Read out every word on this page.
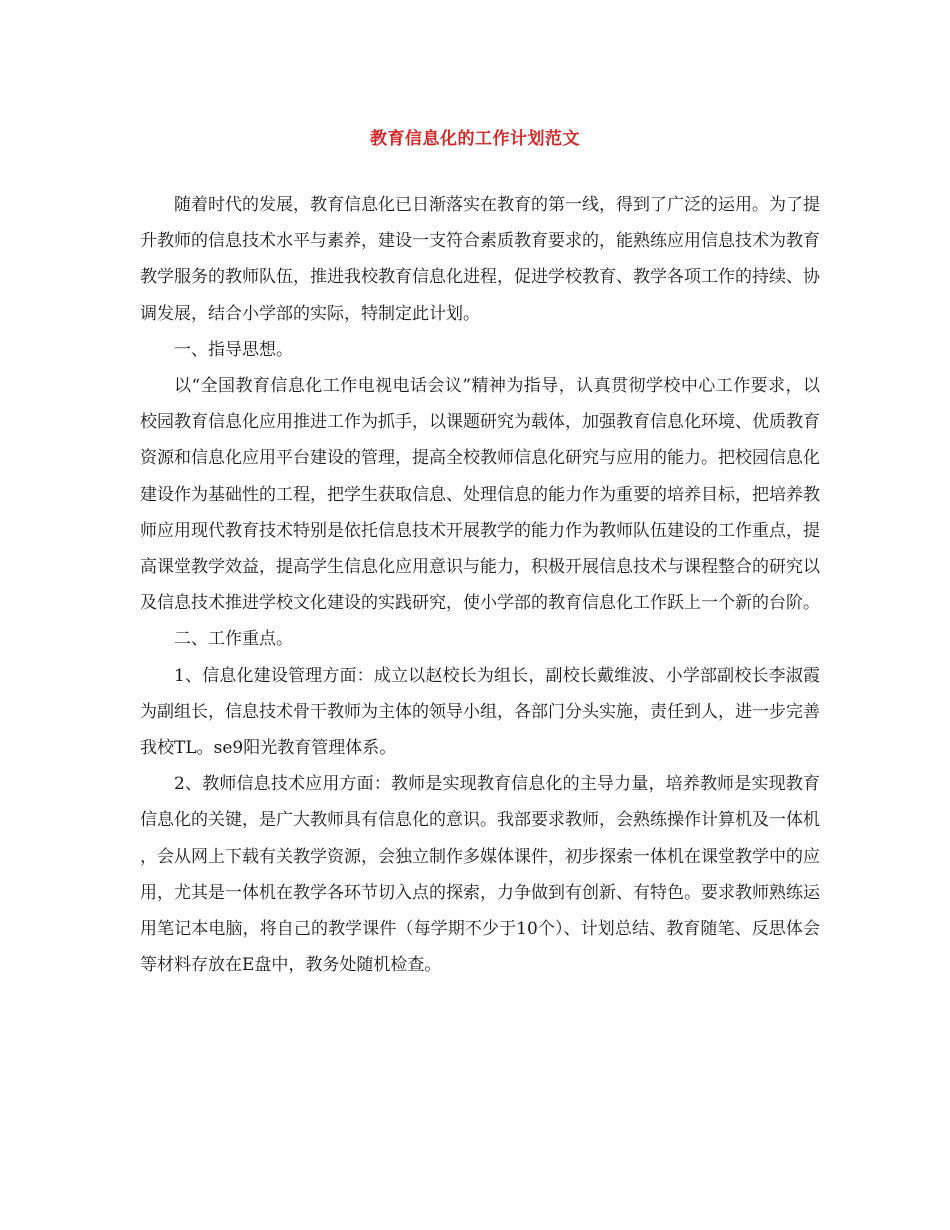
教育信息化的工作计划范文

随着时代的发展，教育信息化已日渐落实在教育的第一线，得到了广泛的运用。为了提升教师的信息技术水平与素养，建设一支符合素质教育要求的，能熟练应用信息技术为教育教学服务的教师队伍，推进我校教育信息化进程，促进学校教育、教学各项工作的持续、协调发展，结合小学部的实际，特制定此计划。

一、指导思想。

以“全国教育信息化工作电视电话会议”精神为指导，认真贯彻学校中心工作要求，以校园教育信息化应用推进工作为抓手，以课题研究为载体，加强教育信息化环境、优质教育资源和信息化应用平台建设的管理，提高全校教师信息化研究与应用的能力。把校园信息化建设作为基础性的工程，把学生获取信息、处理信息的能力作为重要的培养目标，把培养教师应用现代教育技术特别是依托信息技术开展教学的能力作为教师队伍建设的工作重点，提高课堂教学效益，提高学生信息化应用意识与能力，积极开展信息技术与课程整合的研究以及信息技术推进学校文化建设的实践研究，使小学部的教育信息化工作跃上一个新的台阶。

二、工作重点。

1、信息化建设管理方面：成立以赵校长为组长，副校长戴维波、小学部副校长李淑霞为副组长，信息技术骨干教师为主体的领导小组，各部门分头实施，责任到人，进一步完善我校TL。se9阳光教育管理体系。

2、教师信息技术应用方面：教师是实现教育信息化的主导力量，培养教师是实现教育信息化的关键，是广大教师具有信息化的意识。我部要求教师，会熟练操作计算机及一体机，会从网上下载有关教学资源，会独立制作多媒体课件，初步探索一体机在课堂教学中的应用，尤其是一体机在教学各环节切入点的探索，力争做到有创新、有特色。要求教师熟练运用笔记本电脑，将自己的教学课件（每学期不少于10个）、计划总结、教育随笔、反思体会等材料存放在E盘中，教务处随机检查。
